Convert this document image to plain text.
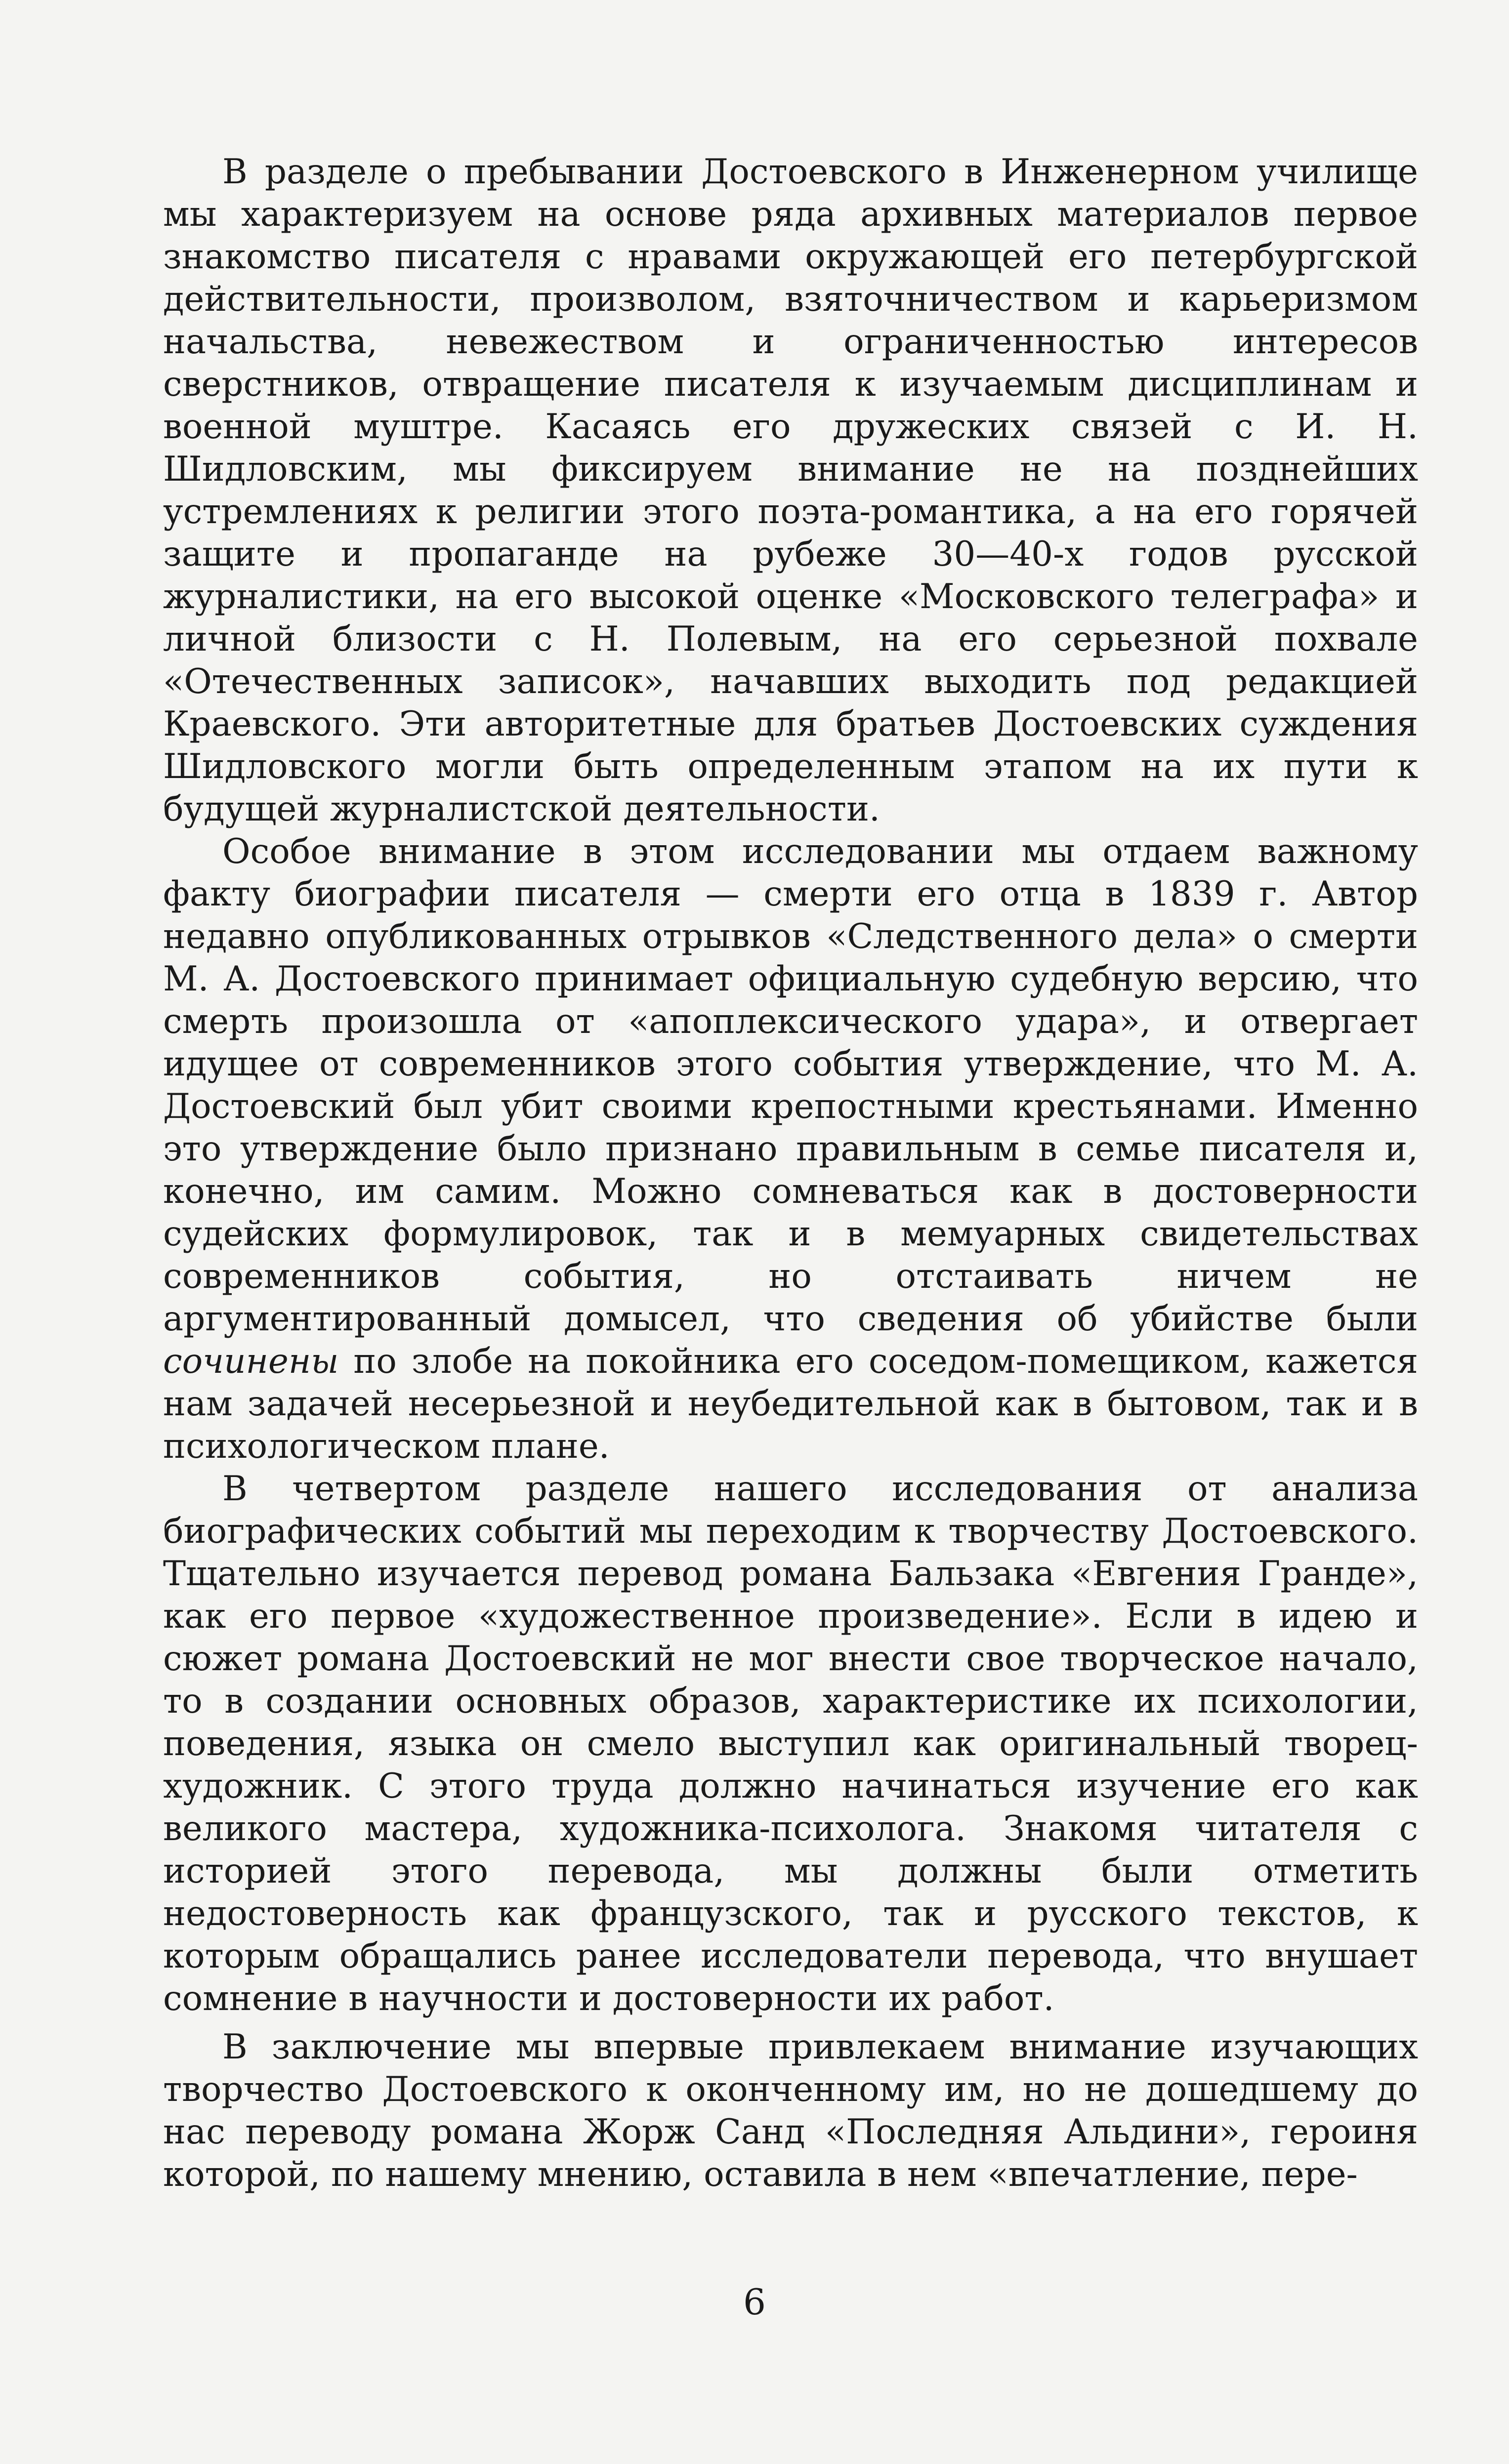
В разделе о пребывании Достоевского в Инженерном училище мы характеризуем на основе ряда архивных материалов первое знакомство писателя с нравами окружающей его петербургской действительности, произволом, взяточничеством и карьеризмом начальства, невежеством и ограниченностью интересов сверстников, отвращение писателя к изучаемым дисциплинам и военной муштре. Касаясь его дружеских связей с И. Н. Шидловским, мы фиксируем внимание не на позднейших устремлениях к религии этого поэта-романтика, а на его горячей защите и пропаганде на рубеже 30—40-х годов русской журналистики, на его высокой оценке «Московского телеграфа» и личной близости с Н. Полевым, на его серьезной похвале «Отечественных записок», начавших выходить под редакцией Краевского. Эти авторитетные для братьев Достоевских суждения Шидловского могли быть определенным этапом на их пути к будущей журналистской деятельности.

Особое внимание в этом исследовании мы отдаем важному факту биографии писателя — смерти его отца в 1839 г. Автор недавно опубликованных отрывков «Следственного дела» о смерти М. А. Достоевского принимает официальную судебную версию, что смерть произошла от «апоплексического удара», и отвергает идущее от современников этого события утверждение, что М. А. Достоевский был убит своими крепостными крестьянами. Именно это утверждение было признано правильным в семье писателя и, конечно, им самим. Можно сомневаться как в достоверности судейских формулировок, так и в мемуарных свидетельствах современников события, но отстаивать ничем не аргументированный домысел, что сведения об убийстве были сочинены по злобе на покойника его соседом-помещиком, кажется нам задачей несерьезной и неубедительной как в бытовом, так и в психологическом плане.

В четвертом разделе нашего исследования от анализа биографических событий мы переходим к творчеству Достоевского. Тщательно изучается перевод романа Бальзака «Евгения Гранде», как его первое «художественное произведение». Если в идею и сюжет романа Достоевский не мог внести свое творческое начало, то в создании основных образов, характеристике их психологии, поведения, языка он смело выступил как оригинальный творец-художник. С этого труда должно начинаться изучение его как великого мастера, художника-психолога. Знакомя читателя с историей этого перевода, мы должны были отметить недостоверность как французского, так и русского текстов, к которым обращались ранее исследователи перевода, что внушает сомнение в научности и достоверности их работ.

В заключение мы впервые привлекаем внимание изучающих творчество Достоевского к оконченному им, но не дошедшему до нас переводу романа Жорж Санд «Последняя Альдини», героиня которой, по нашему мнению, оставила в нем «впечатление, пере-

6
